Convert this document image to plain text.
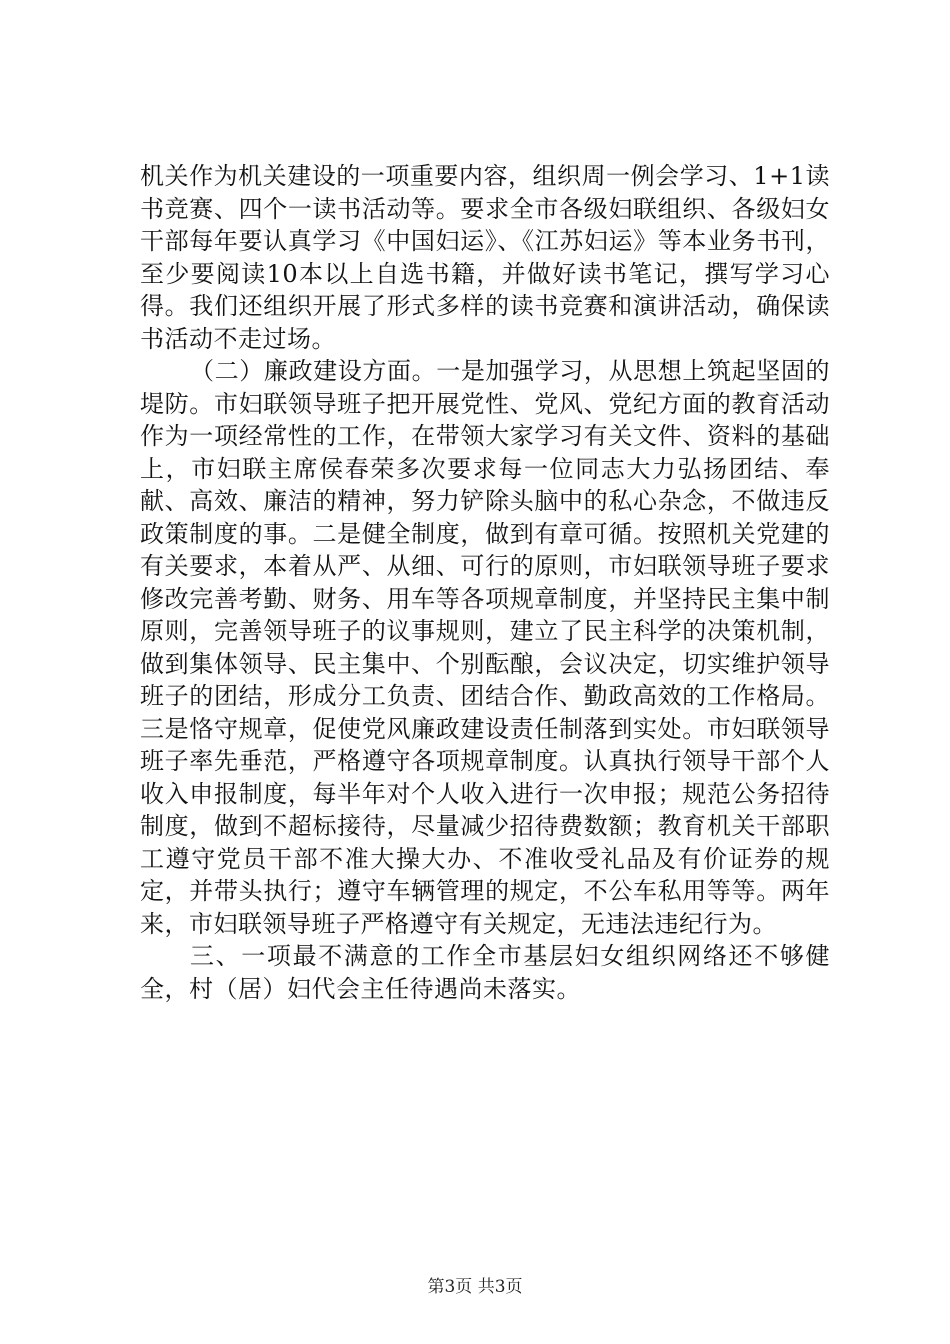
机关作为机关建设的一项重要内容，组织周一例会学习、1+1读书竞赛、四个一读书活动等。要求全市各级妇联组织、各级妇女干部每年要认真学习《中国妇运》、《江苏妇运》等本业务书刊，至少要阅读10本以上自选书籍，并做好读书笔记，撰写学习心得。我们还组织开展了形式多样的读书竞赛和演讲活动，确保读书活动不走过场。

（二）廉政建设方面。一是加强学习，从思想上筑起坚固的堤防。市妇联领导班子把开展党性、党风、党纪方面的教育活动作为一项经常性的工作，在带领大家学习有关文件、资料的基础上，市妇联主席侯春荣多次要求每一位同志大力弘扬团结、奉献、高效、廉洁的精神，努力铲除头脑中的私心杂念，不做违反政策制度的事。二是健全制度，做到有章可循。按照机关党建的有关要求，本着从严、从细、可行的原则，市妇联领导班子要求修改完善考勤、财务、用车等各项规章制度，并坚持民主集中制原则，完善领导班子的议事规则，建立了民主科学的决策机制，做到集体领导、民主集中、个别酝酿，会议决定，切实维护领导班子的团结，形成分工负责、团结合作、勤政高效的工作格局。三是恪守规章，促使党风廉政建设责任制落到实处。市妇联领导班子率先垂范，严格遵守各项规章制度。认真执行领导干部个人收入申报制度，每半年对个人收入进行一次申报；规范公务招待制度，做到不超标接待，尽量减少招待费数额；教育机关干部职工遵守党员干部不准大操大办、不准收受礼品及有价证券的规定，并带头执行；遵守车辆管理的规定，不公车私用等等。两年来，市妇联领导班子严格遵守有关规定，无违法违纪行为。

三、一项最不满意的工作全市基层妇女组织网络还不够健全，村（居）妇代会主任待遇尚未落实。

第3页 共3页
